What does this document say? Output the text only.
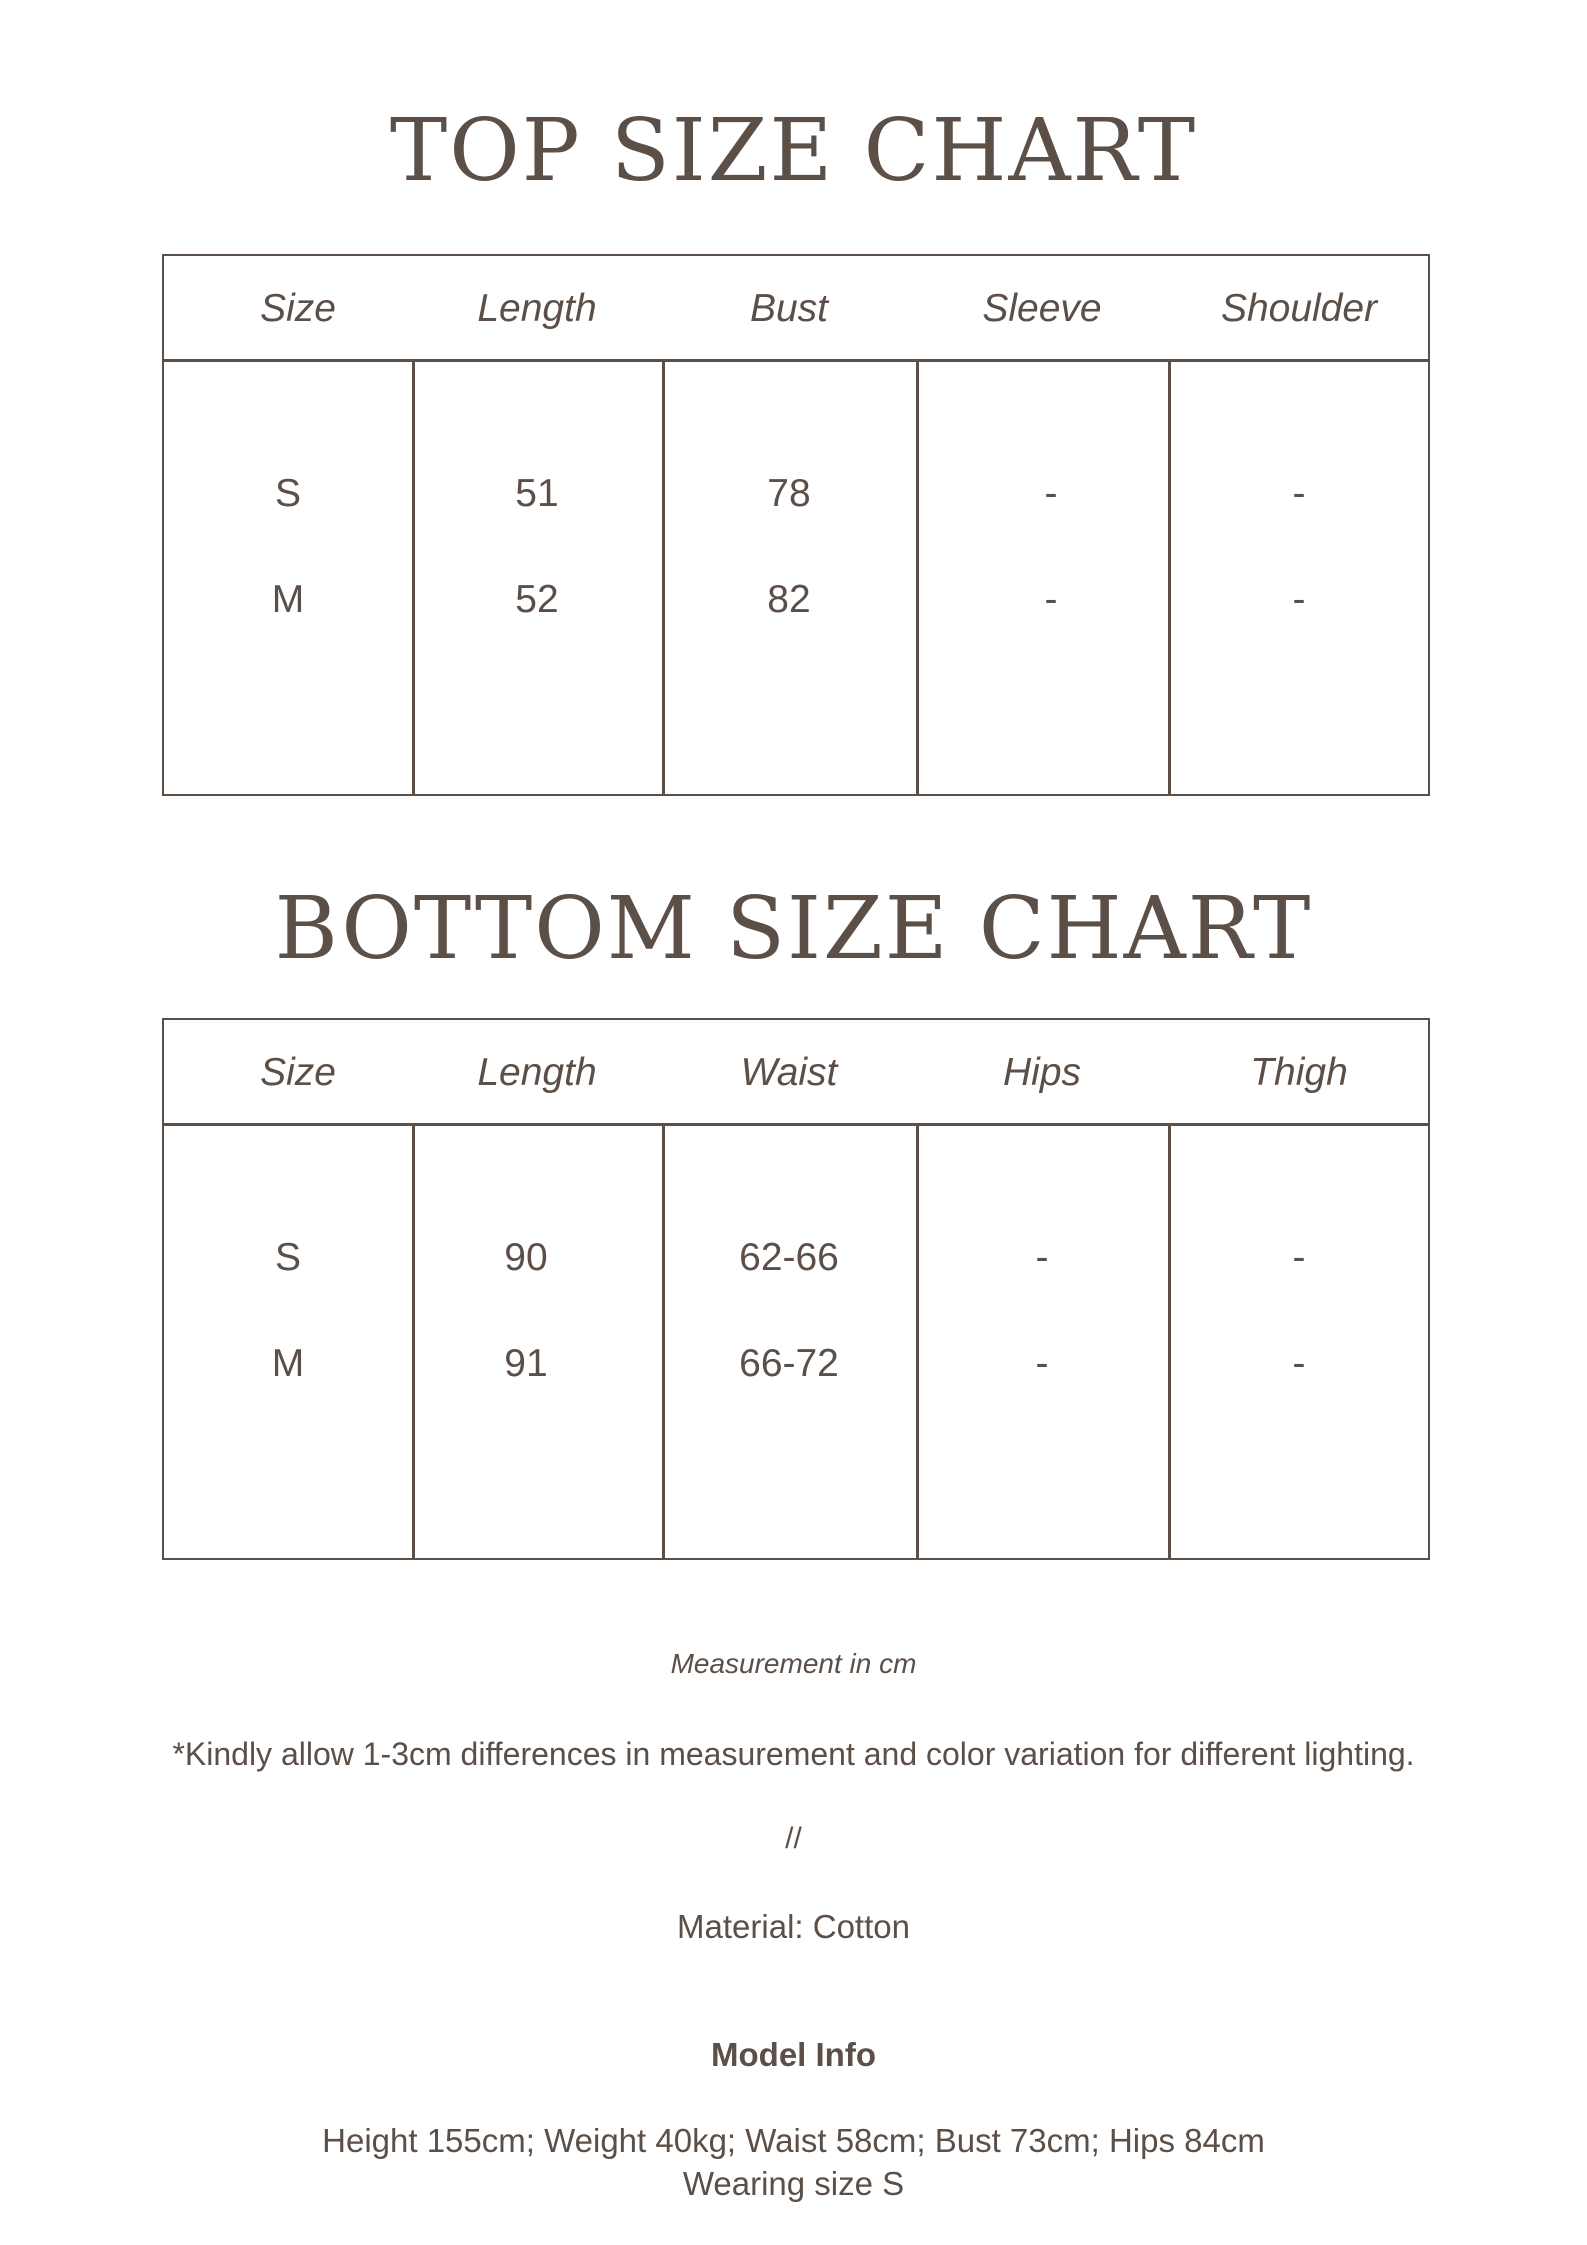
TOP SIZE CHART
Size	Length	Bust	Sleeve	Shoulder
S	51	78	-	-
M	52	82	-	-
BOTTOM SIZE CHART
Size	Length	Waist	Hips	Thigh
S	90	62-66	-	-
M	91	66-72	-	-

Measurement in cm

*Kindly allow 1-3cm differences in measurement and color variation for different lighting.

//

Material: Cotton

Model Info

Height 155cm; Weight 40kg; Waist 58cm; Bust 73cm; Hips 84cm

Wearing size S
